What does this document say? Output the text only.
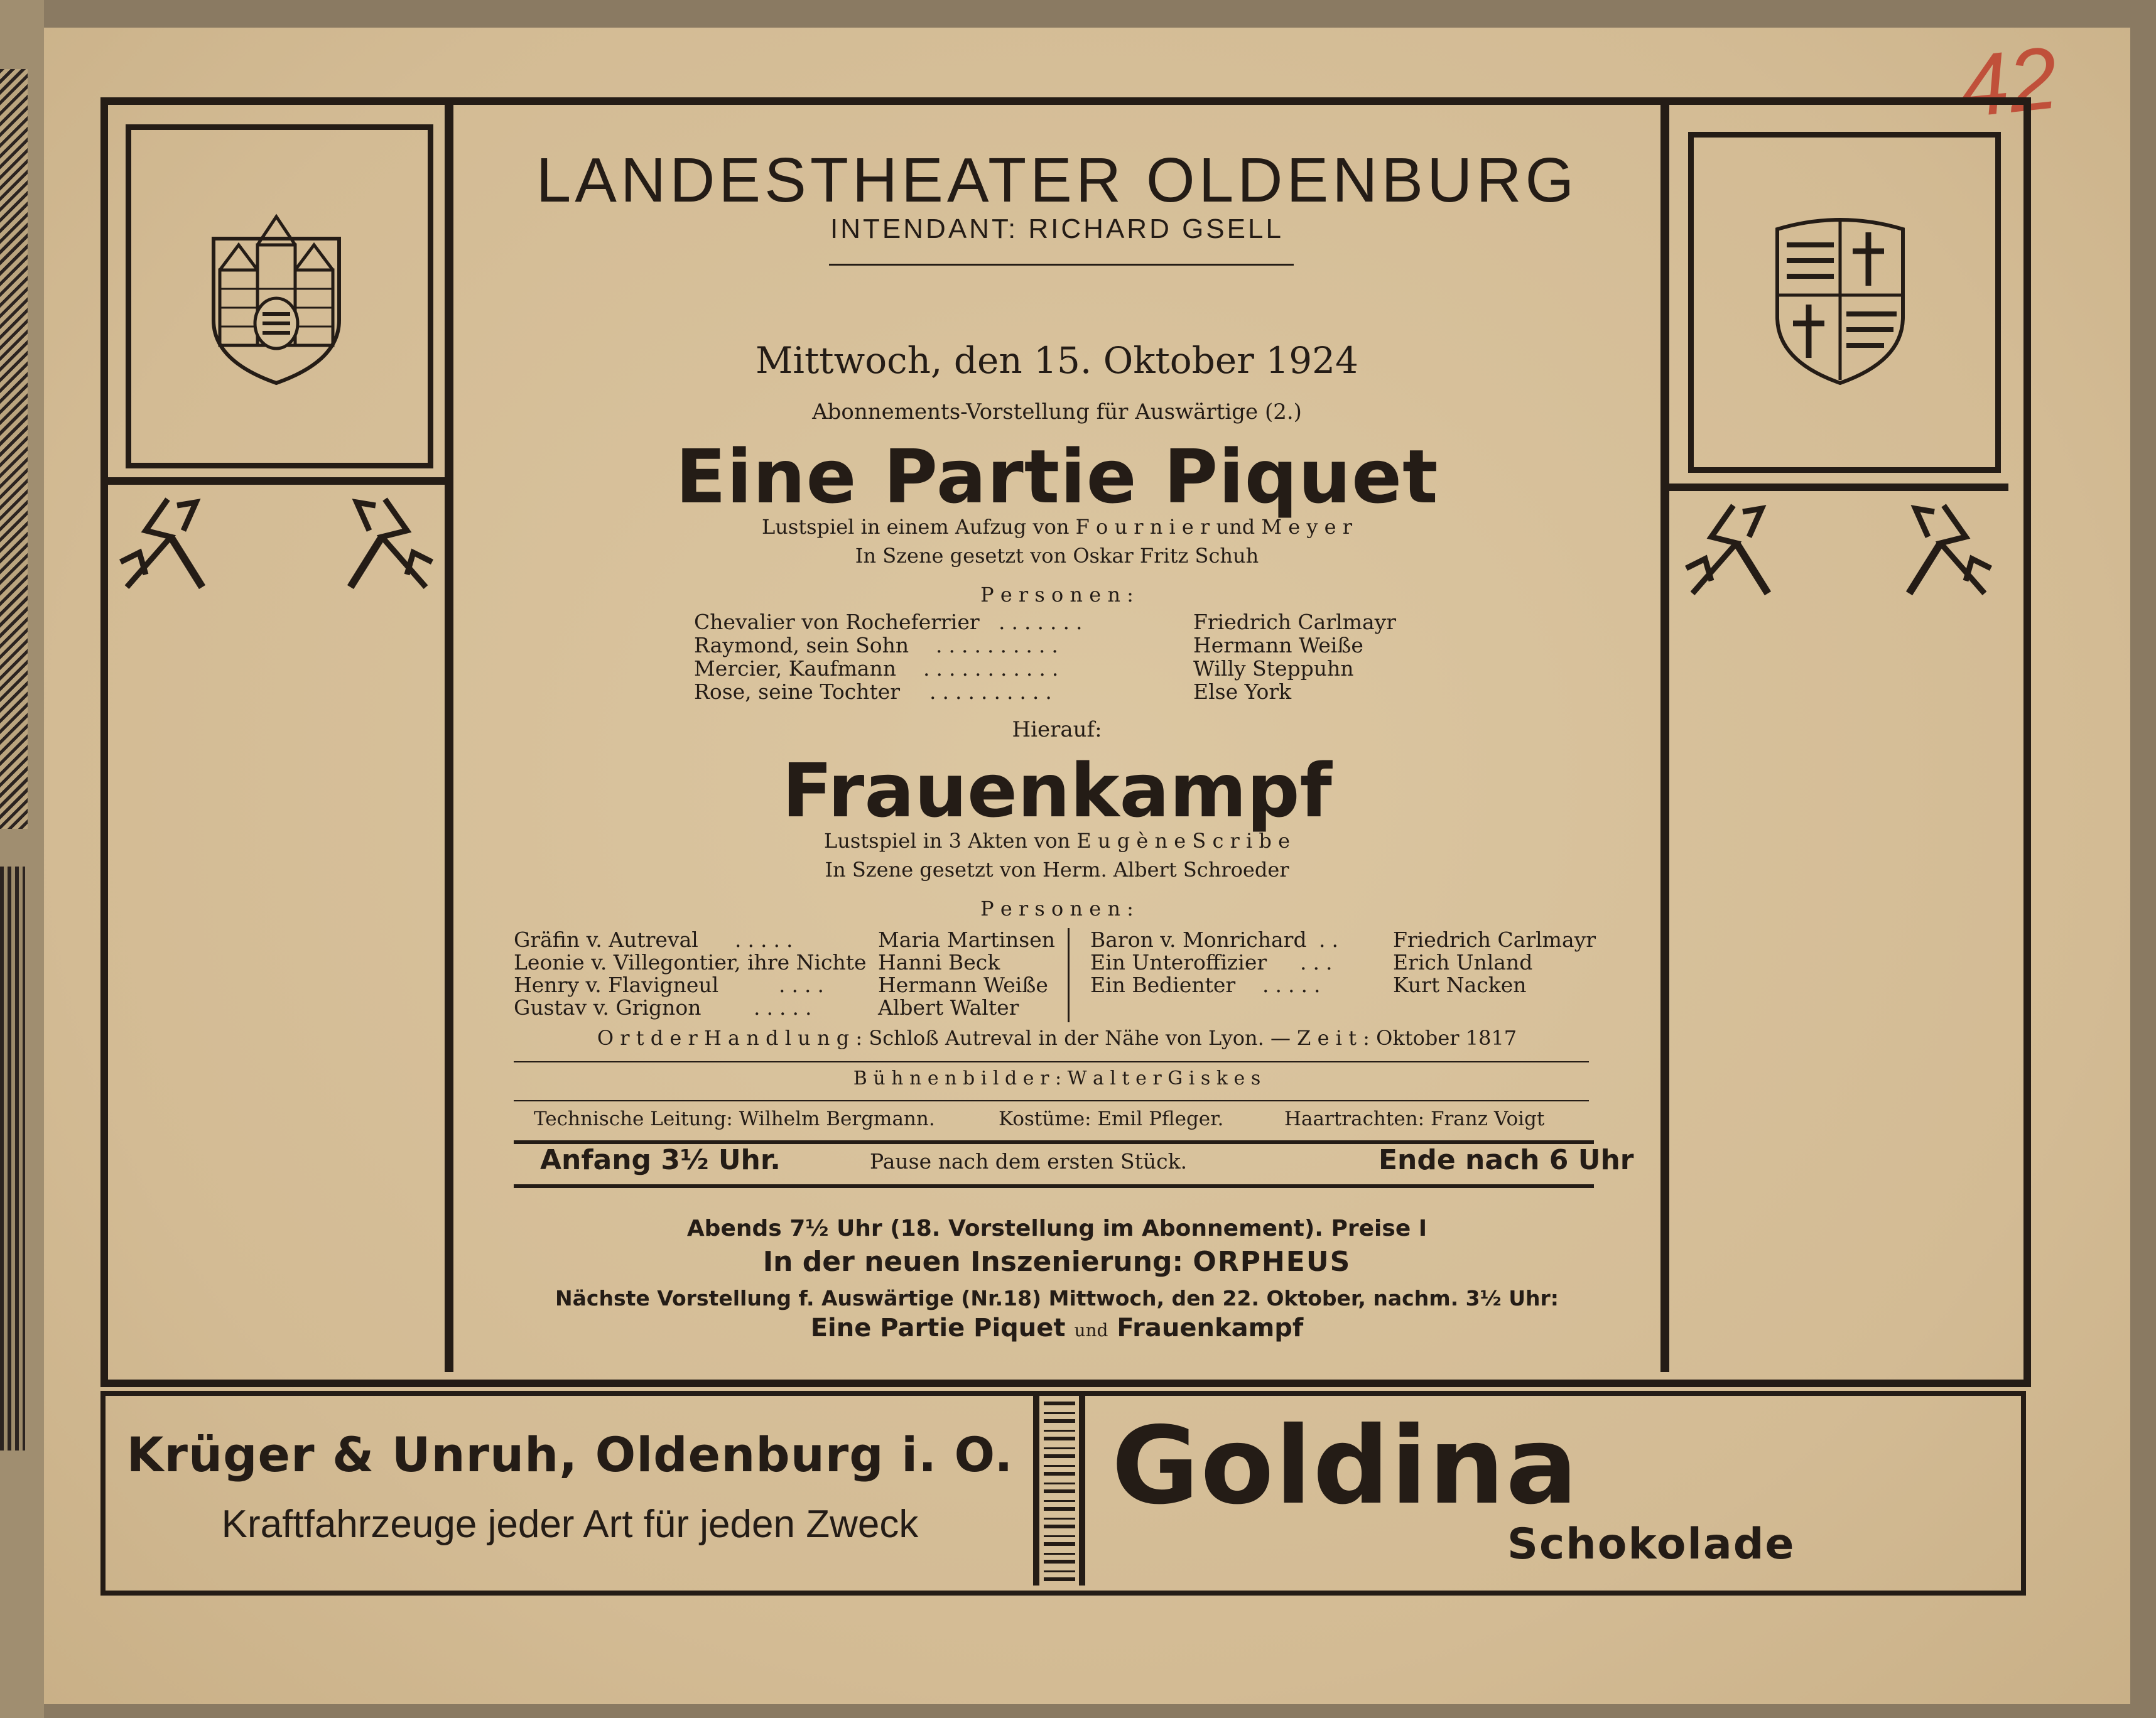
42
LANDESTHEATER OLDENBURG
INTENDANT: RICHARD GSELL
Mittwoch, den 15. Oktober 1924
Abonnements-Vorstellung für Auswärtige (2.)
Eine Partie Piquet
Lustspiel in einem Aufzug von F o u r n i e r und M e y e r
In Szene gesetzt von Oskar Fritz Schuh
P e r s o n e n :
Chevalier von Rocheferrier .......	Friedrich Carlmayr
Raymond, sein Sohn ..........	Hermann Weiße
Mercier, Kaufmann ...........	Willy Steppuhn
Rose, seine Tochter ..........	Else York
Hierauf:
Frauenkampf
Lustspiel in 3 Akten von E u g è n e S c r i b e
In Szene gesetzt von Herm. Albert Schroeder
P e r s o n e n :
Gräfin v. Autreval .....	Maria Martinsen
Leonie v. Villegontier, ihre Nichte Hanni Beck
Henry v. Flavigneul	.... Hermann Weiße
Gustav v. Grignon	.....	Albert Walter
Baron v. Monrichard .. Friedrich Carlmayr
Ein Unteroffizier ...	Erich Unland
Ein Bedienter .....	Kurt Nacken
O r t d e r H a n d l u n g : Schloß Autreval in der Nähe von Lyon. — Z e i t : Oktober 1817
B ü h n e n b i l d e r : W a l t e r G i s k e s
Technische Leitung: Wilhelm Bergmann.	Kostüme: Emil Pfleger.	Haartrachten: Franz Voigt
Anfang 3½ Uhr.	Pause nach dem ersten Stück.	Ende nach 6 Uhr
Abends 7½ Uhr (18. Vorstellung im Abonnement). Preise I
In der neuen Inszenierung: ORPHEUS
Nächste Vorstellung f. Auswärtige (Nr.18) Mittwoch, den 22. Oktober, nachm. 3½ Uhr:
Eine Partie Piquet und Frauenkampf
Krüger & Unruh, Oldenburg i. O.
Kraftfahrzeuge jeder Art für jeden Zweck	Goldina
Schokolade
